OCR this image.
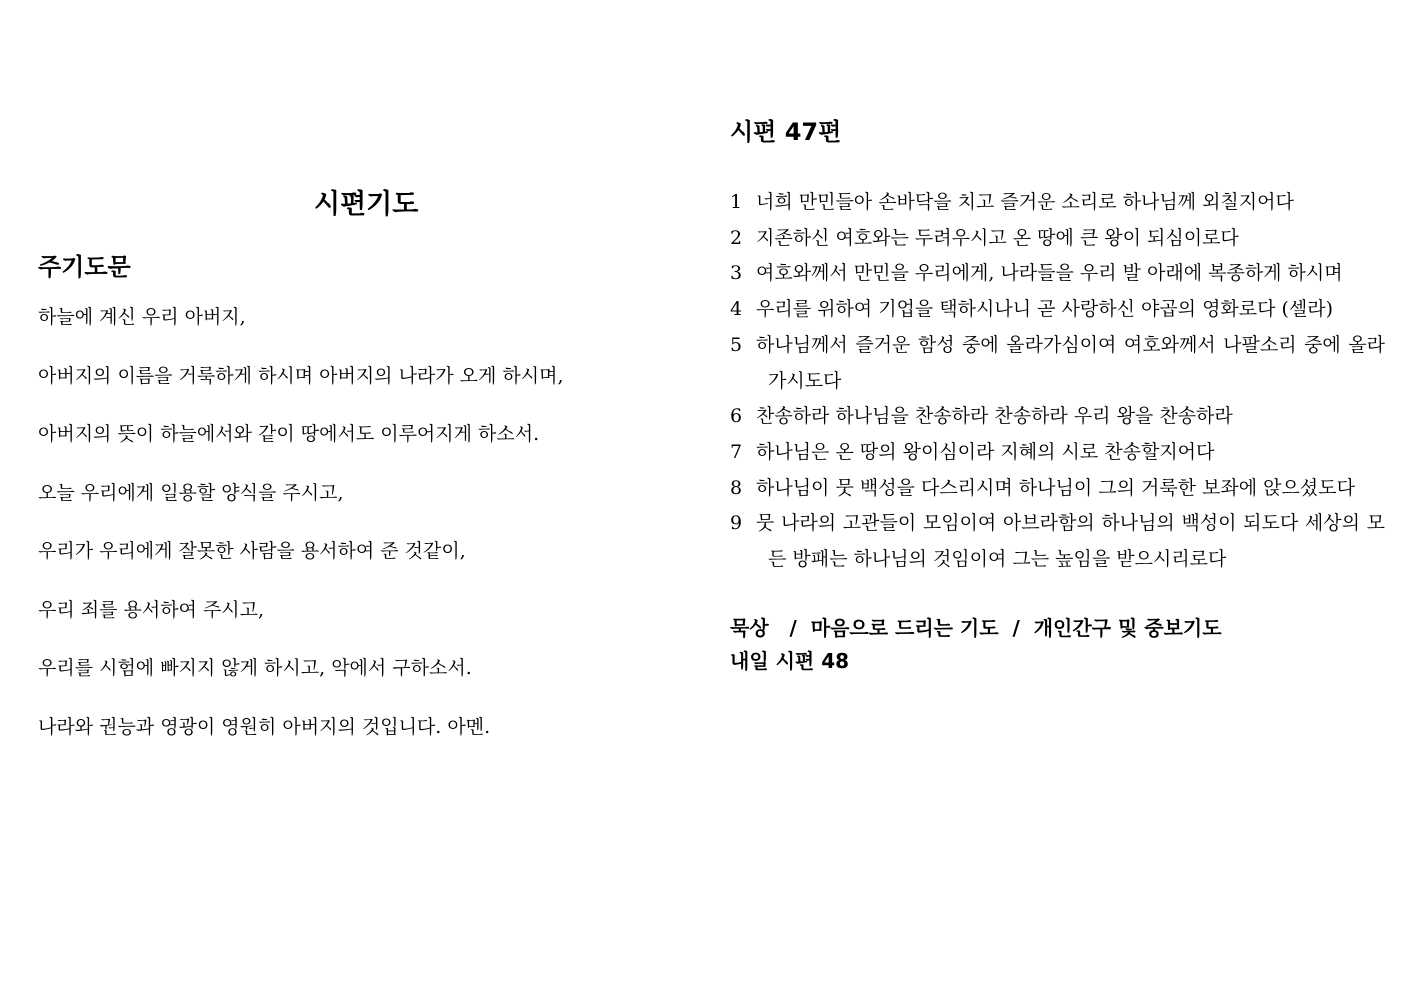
시편기도
주기도문
하늘에 계신 우리 아버지,
아버지의 이름을 거룩하게 하시며 아버지의 나라가 오게 하시며,
아버지의 뜻이 하늘에서와 같이 땅에서도 이루어지게 하소서.
오늘 우리에게 일용할 양식을 주시고,
우리가 우리에게 잘못한 사람을 용서하여 준 것같이,
우리 죄를 용서하여 주시고,
우리를 시험에 빠지지 않게 하시고, 악에서 구하소서.
나라와 권능과 영광이 영원히 아버지의 것입니다. 아멘.
시편 47편
1 너희 만민들아 손바닥을 치고 즐거운 소리로 하나님께 외칠지어다
2 지존하신 여호와는 두려우시고 온 땅에 큰 왕이 되심이로다
3 여호와께서 만민을 우리에게, 나라들을 우리 발 아래에 복종하게 하시며
4 우리를 위하여 기업을 택하시나니 곧 사랑하신 야곱의 영화로다 (셀라)
5 하나님께서 즐거운 함성 중에 올라가심이여 여호와께서 나팔소리 중에 올라가시도다
6 찬송하라 하나님을 찬송하라 찬송하라 우리 왕을 찬송하라
7 하나님은 온 땅의 왕이심이라 지혜의 시로 찬송할지어다
8 하나님이 뭇 백성을 다스리시며 하나님이 그의 거룩한 보좌에 앉으셨도다
9 뭇 나라의 고관들이 모임이여 아브라함의 하나님의 백성이 되도다 세상의 모든 방패는 하나님의 것임이여 그는 높임을 받으시리로다
묵상   /  마음으로 드리는 기도  /  개인간구 및 중보기도
내일 시편 48
